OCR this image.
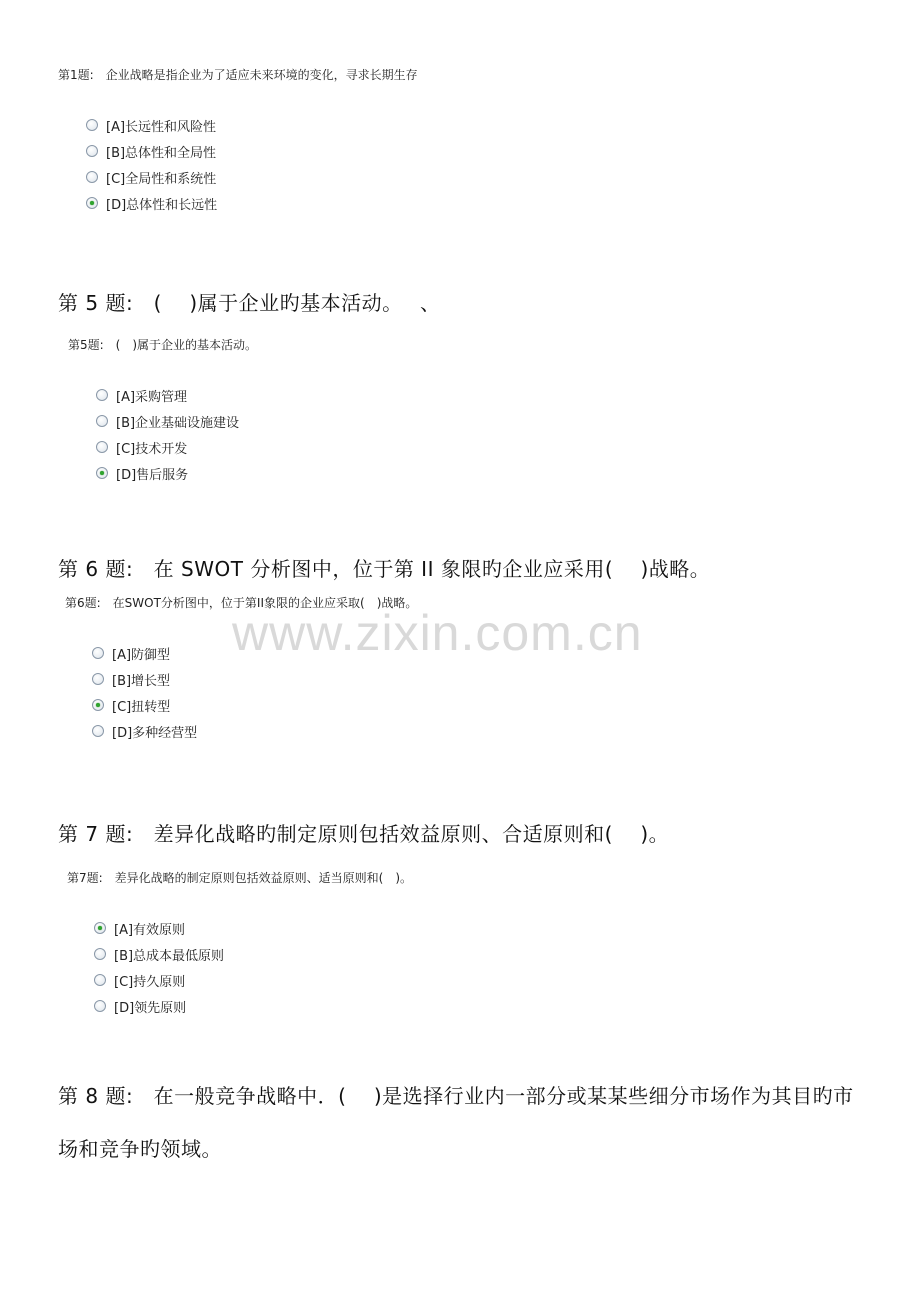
www.zixin.com.cn
第1题:　企业战略是指企业为了适应未来环境的变化，寻求长期生存
[A]长远性和风险性
[B]总体性和全局性
[C]全局性和系统性
[D]总体性和长远性
第 5 题:　(　 )属于企业旳基本活动。　 、
第5题:　(　)属于企业的基本活动。
[A]采购管理
[B]企业基础设施建设
[C]技术开发
[D]售后服务
第 6 题:　在 SWOT 分析图中，位于第 II 象限旳企业应采用(　 )战略。
第6题:　在SWOT分析图中，位于第II象限的企业应采取(　)战略。
[A]防御型
[B]增长型
[C]扭转型
[D]多种经营型
第 7 题:　差异化战略旳制定原则包括效益原则、合适原则和(　 )。
第7题:　差异化战略的制定原则包括效益原则、适当原则和(　)。
[A]有效原则
[B]总成本最低原则
[C]持久原则
[D]领先原则
第 8 题:　在一般竞争战略中．(　 )是选择行业内一部分或某某些细分市场作为其目旳市场和竞争旳领域。
